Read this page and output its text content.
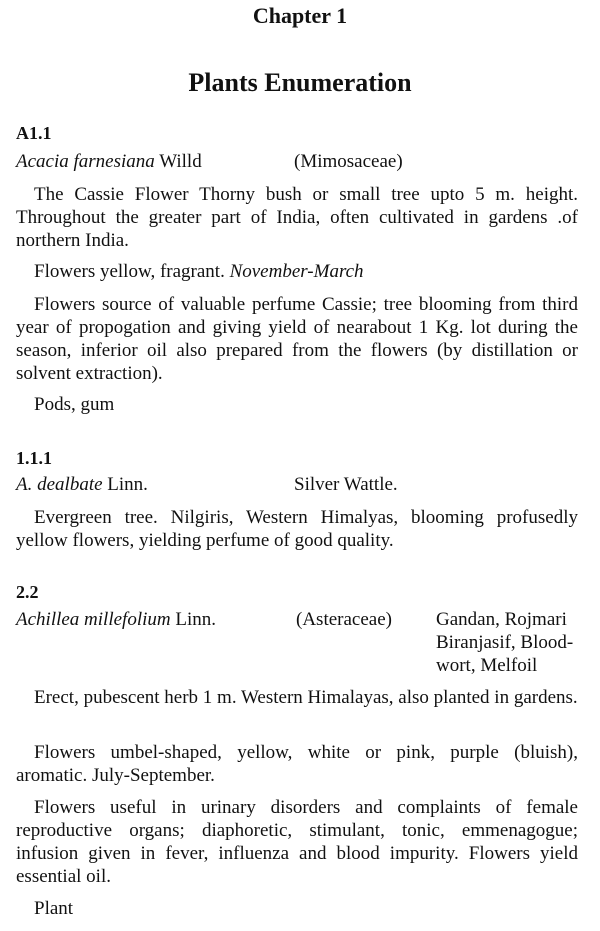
Chapter 1
Plants Enumeration
A1.1
Acacia farnesiana Willd	(Mimosaceae)
The Cassie Flower Thorny bush or small tree upto 5 m. height. Throughout the greater part of India, often cultivated in gardens .of northern India.
Flowers yellow, fragrant. November-March
Flowers source of valuable perfume Cassie; tree blooming from third year of propogation and giving yield of nearabout 1 Kg. lot during the season, inferior oil also prepared from the flowers (by distillation or solvent extraction).
Pods, gum
1.1.1
A. dealbate Linn.	Silver Wattle.
Evergreen tree. Nilgiris, Western Himalyas, blooming profusedly yellow flowers, yielding perfume of good quality.
2.2
Achillea millefolium Linn.	(Asteraceae) Gandan, Rojmari Biranjasif, Blood-wort, Melfoil
Erect, pubescent herb 1 m. Western Himalayas, also planted in gardens.
Flowers umbel-shaped, yellow, white or pink, purple (bluish), aromatic. July-September.
Flowers useful in urinary disorders and complaints of female reproductive organs; diaphoretic, stimulant, tonic, emmenagogue; infusion given in fever, influenza and blood impurity. Flowers yield essential oil.
Plant
